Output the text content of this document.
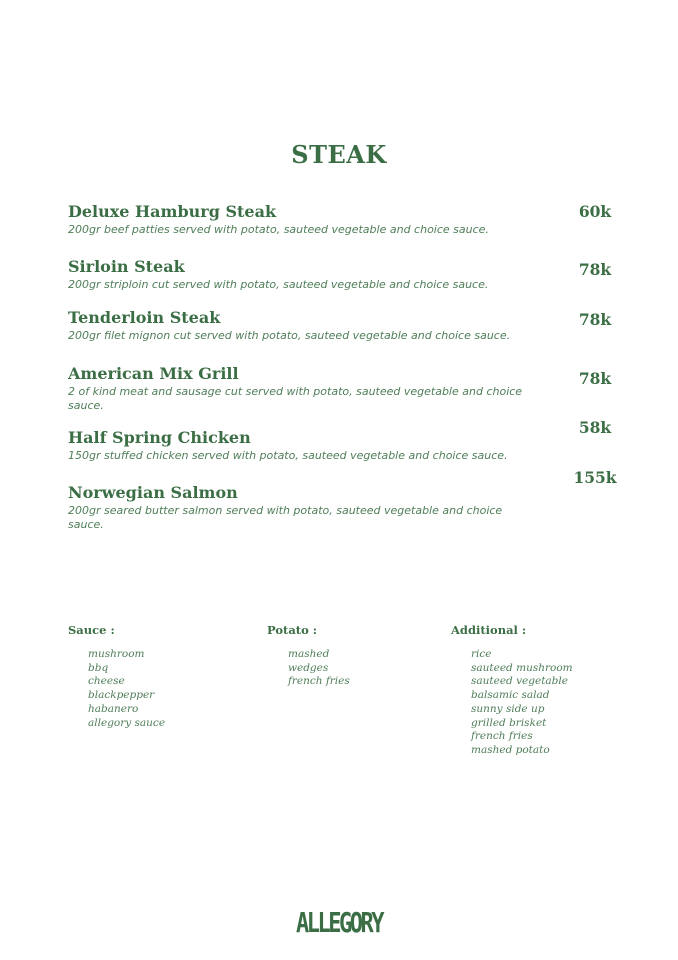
STEAK
Deluxe Hamburg Steak
200gr beef patties served with potato, sauteed vegetable and choice sauce.
60k
Sirloin Steak
200gr striploin cut served with potato, sauteed vegetable and choice sauce.
78k
Tenderloin Steak
200gr filet mignon cut served with potato, sauteed vegetable and choice sauce.
78k
American Mix Grill
2 of kind meat and sausage cut served with potato, sauteed vegetable and choice sauce.
78k
Half Spring Chicken
150gr stuffed chicken served with potato, sauteed vegetable and choice sauce.
58k
Norwegian Salmon
200gr seared butter salmon served with potato, sauteed vegetable and choice sauce.
155k
Sauce :
mushroom
bbq
cheese
blackpepper
habanero
allegory sauce
Potato :
mashed
wedges
french fries
Additional :
rice
sauteed mushroom
sauteed vegetable
balsamic salad
sunny side up
grilled brisket
french fries
mashed potato
ALLEGORY
